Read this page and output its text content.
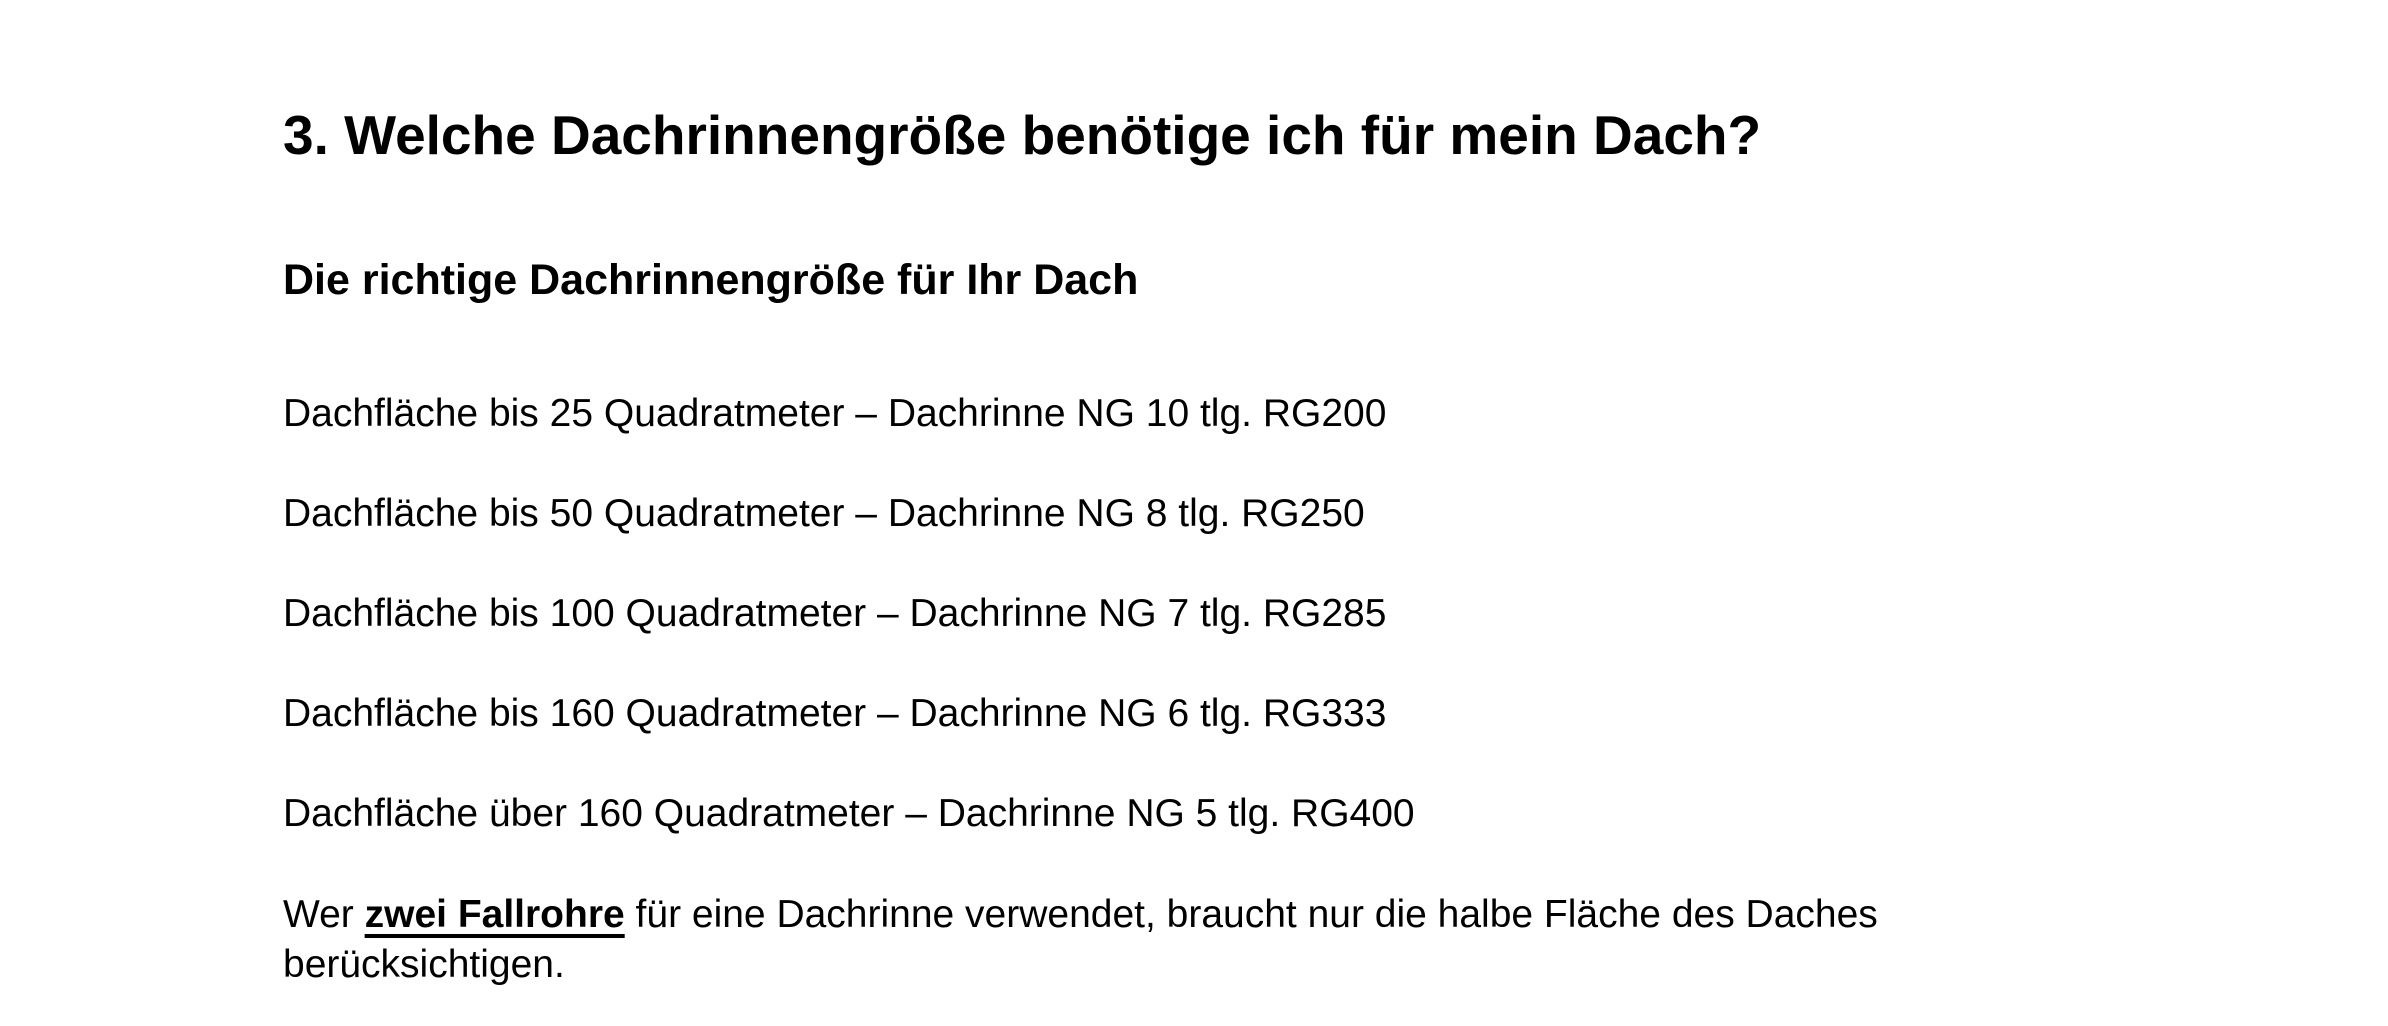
3. Welche Dachrinnengröße benötige ich für mein Dach?
Die richtige Dachrinnengröße für Ihr Dach

Dachfläche bis 25 Quadratmeter – Dachrinne NG 10 tlg. RG200

Dachfläche bis 50 Quadratmeter – Dachrinne NG 8 tlg. RG250

Dachfläche bis 100 Quadratmeter – Dachrinne NG 7 tlg. RG285

Dachfläche bis 160 Quadratmeter – Dachrinne NG 6 tlg. RG333

Dachfläche über 160 Quadratmeter – Dachrinne NG 5 tlg. RG400

Wer zwei Fallrohre für eine Dachrinne verwendet, braucht nur die halbe Fläche des Daches berücksichtigen.
